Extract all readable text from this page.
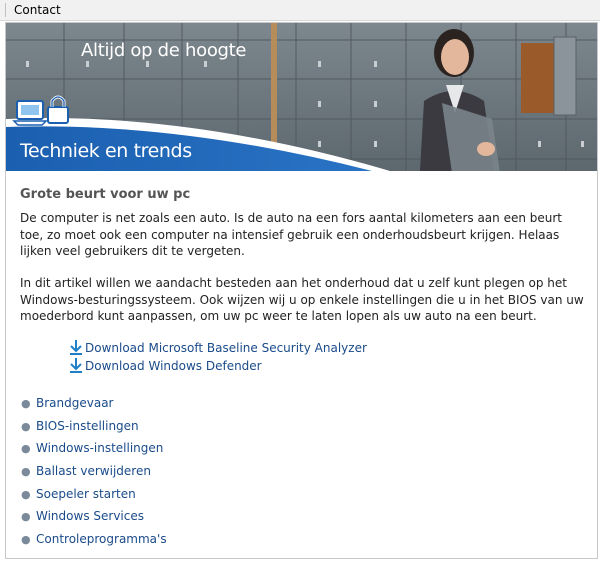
Contact
Altijd op de hoogte
Techniek en trends
Grote beurt voor uw pc
De computer is net zoals een auto. Is de auto na een fors aantal kilometers aan een beurt toe, zo moet ook een computer na intensief gebruik een onderhoudsbeurt krijgen. Helaas lijken veel gebruikers dit te vergeten.
In dit artikel willen we aandacht besteden aan het onderhoud dat u zelf kunt plegen op het Windows-besturingssysteem. Ook wijzen wij u op enkele instellingen die u in het BIOS van uw moederbord kunt aanpassen, om uw pc weer te laten lopen als uw auto na een beurt.
Download Microsoft Baseline Security Analyzer
Download Windows Defender
● Brandgevaar
● BIOS-instellingen
● Windows-instellingen
● Ballast verwijderen
● Soepeler starten
● Windows Services
● Controleprogramma's
